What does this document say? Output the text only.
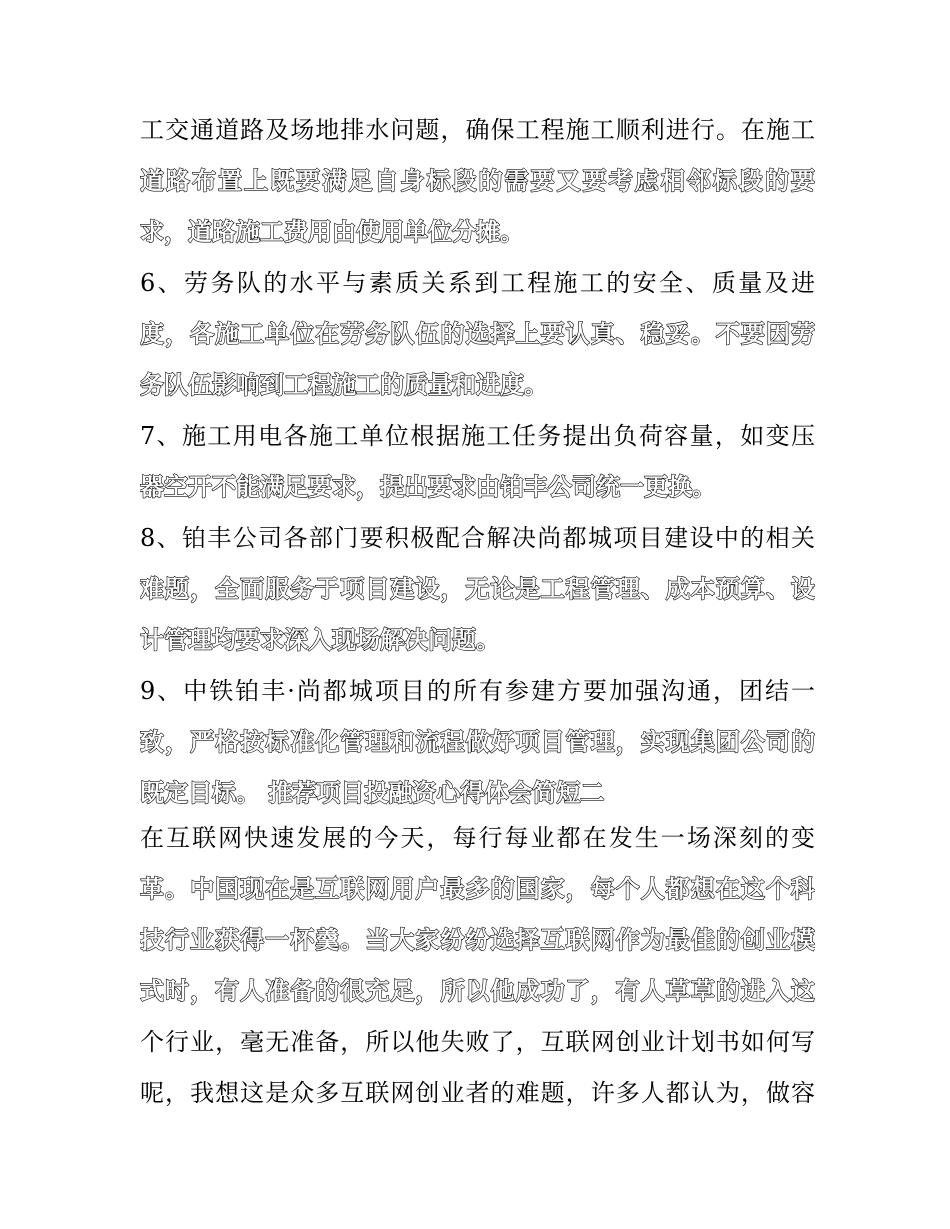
工交通道路及场地排水问题，确保工程施工顺利进行。在施工
道路布置上既要满足自身标段的需要又要考虑相邻标段的要
求，道路施工费用由使用单位分摊。
6、劳务队的水平与素质关系到工程施工的安全、质量及进
度，各施工单位在劳务队伍的选择上要认真、稳妥。不要因劳
务队伍影响到工程施工的质量和进度。
7、施工用电各施工单位根据施工任务提出负荷容量，如变压
器空开不能满足要求，提出要求由铂丰公司统一更换。
8、铂丰公司各部门要积极配合解决尚都城项目建设中的相关
难题，全面服务于项目建设，无论是工程管理、成本预算、设
计管理均要求深入现场解决问题。
9、中铁铂丰·尚都城项目的所有参建方要加强沟通，团结一
致，严格按标准化管理和流程做好项目管理，实现集团公司的
既定目标。 推荐项目投融资心得体会简短二
在互联网快速发展的今天，每行每业都在发生一场深刻的变
革。中国现在是互联网用户最多的国家，每个人都想在这个科
技行业获得一杯羹。当大家纷纷选择互联网作为最佳的创业模
式时，有人准备的很充足，所以他成功了，有人草草的进入这
个行业，毫无准备，所以他失败了，互联网创业计划书如何写
呢，我想这是众多互联网创业者的难题，许多人都认为，做容
